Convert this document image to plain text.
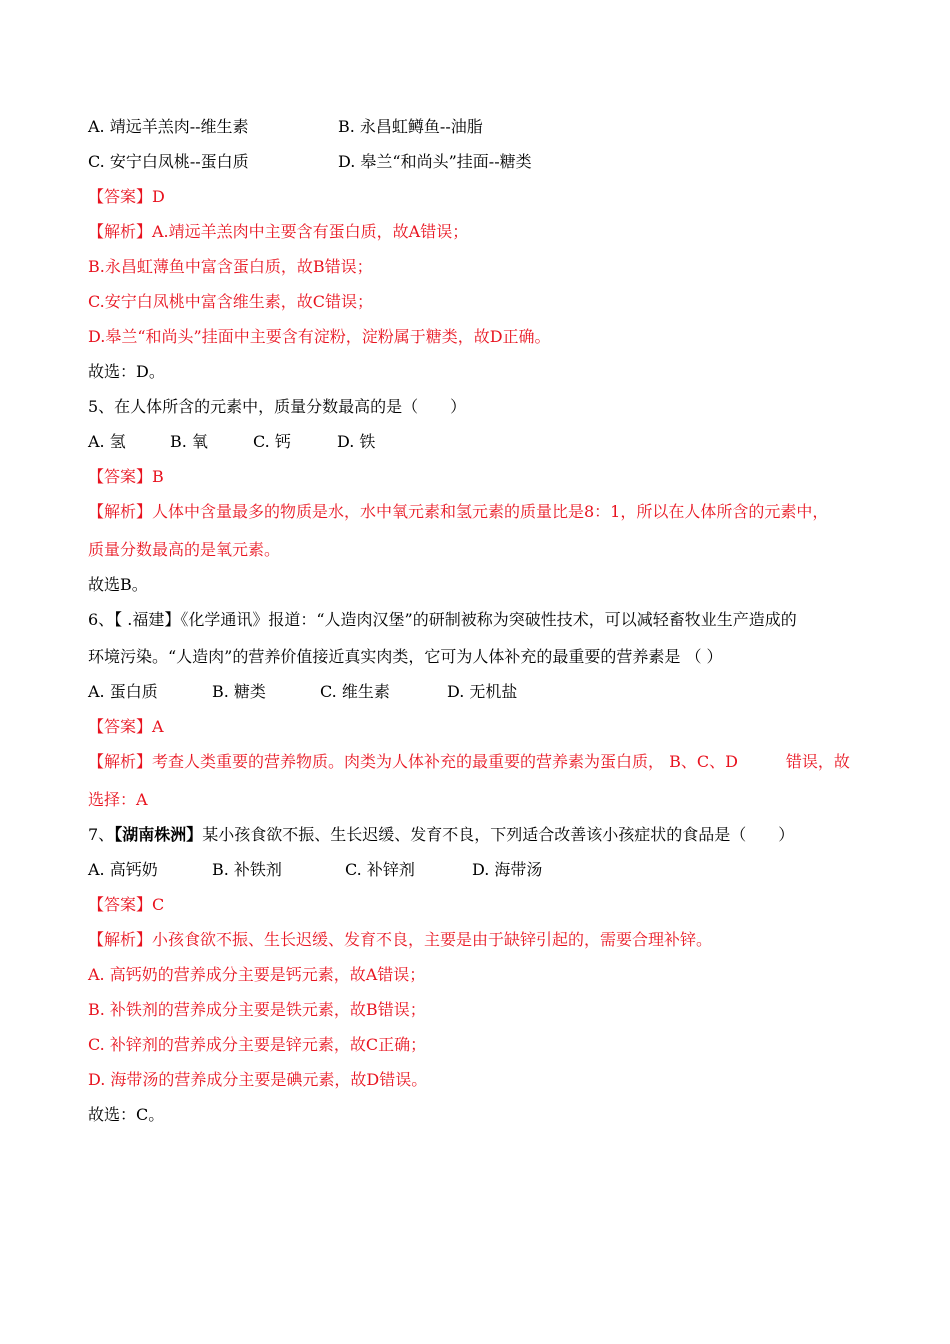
A. 靖远羊羔肉--维生素	B. 永昌虹鳟鱼--油脂
C. 安宁白凤桃--蛋白质	D. 皋兰“和尚头”挂面--糖类
【答案】D
【解析】A.靖远羊羔肉中主要含有蛋白质，故A错误；
B.永昌虹薄鱼中富含蛋白质，故B错误；
C.安宁白凤桃中富含维生素，故C错误；
D.皋兰“和尚头”挂面中主要含有淀粉，淀粉属于糖类，故D正确。
故选：D。
5、在人体所含的元素中，质量分数最高的是（　　）
A. 氢	B. 氧	C. 钙	D. 铁
【答案】B
【解析】人体中含量最多的物质是水，水中氧元素和氢元素的质量比是8：1，所以在人体所含的元素中，
质量分数最高的是氧元素。
故选B。
6、【 .福建】《化学通讯》报道：“人造肉汉堡”的研制被称为突破性技术，可以减轻畜牧业生产造成的
环境污染。“人造肉”的营养价值接近真实肉类，它可为人体补充的最重要的营养素是 （ ）
A. 蛋白质	B. 糖类	C. 维生素	D. 无机盐
【答案】A
【解析】考查人类重要的营养物质。肉类为人体补充的最重要的营养素为蛋白质， B、C、D　　　错误，故
选择：A
7、【湖南株洲】某小孩食欲不振、生长迟缓、发育不良，下列适合改善该小孩症状的食品是（　　）
A. 高钙奶	B. 补铁剂	C. 补锌剂	D. 海带汤
【答案】C
【解析】小孩食欲不振、生长迟缓、发育不良，主要是由于缺锌引起的，需要合理补锌。
A. 高钙奶的营养成分主要是钙元素，故A错误；
B. 补铁剂的营养成分主要是铁元素，故B错误；
C. 补锌剂的营养成分主要是锌元素，故C正确；
D. 海带汤的营养成分主要是碘元素，故D错误。
故选：C。
